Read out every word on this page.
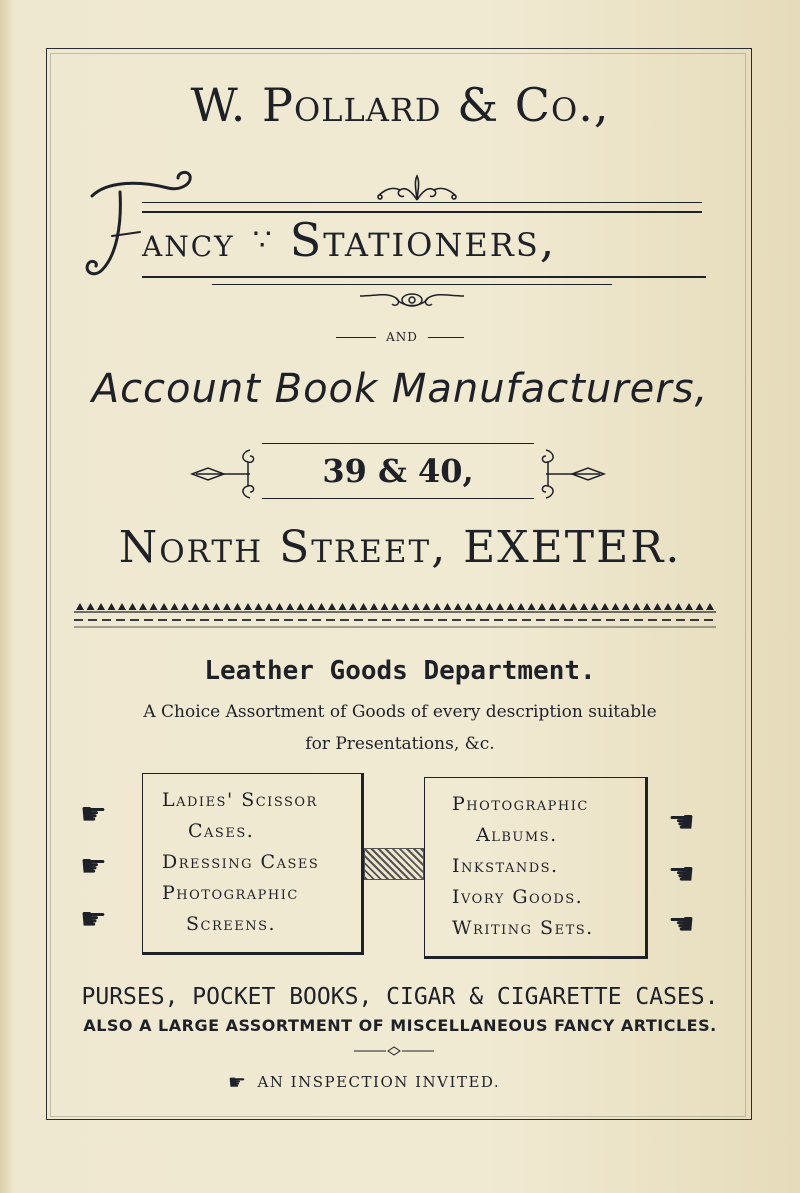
W. Pollard & Co.,
ancy ∵ Stationers,
AND
Account Book Manufacturers,
39 & 40,
North Street, EXETER.
Leather Goods Department.
A Choice Assortment of Goods of every description suitable
for Presentations, &c.
Ladies' Scissor
Cases.
Dressing Cases
Photographic
Screens.
Photographic
Albums.
Inkstands.
Ivory Goods.
Writing Sets.
☛
☛
☛
☚
☚
☚
PURSES, POCKET BOOKS, CIGAR & CIGARETTE CASES.
ALSO A LARGE ASSORTMENT OF MISCELLANEOUS FANCY ARTICLES.
☛ AN INSPECTION INVITED.
